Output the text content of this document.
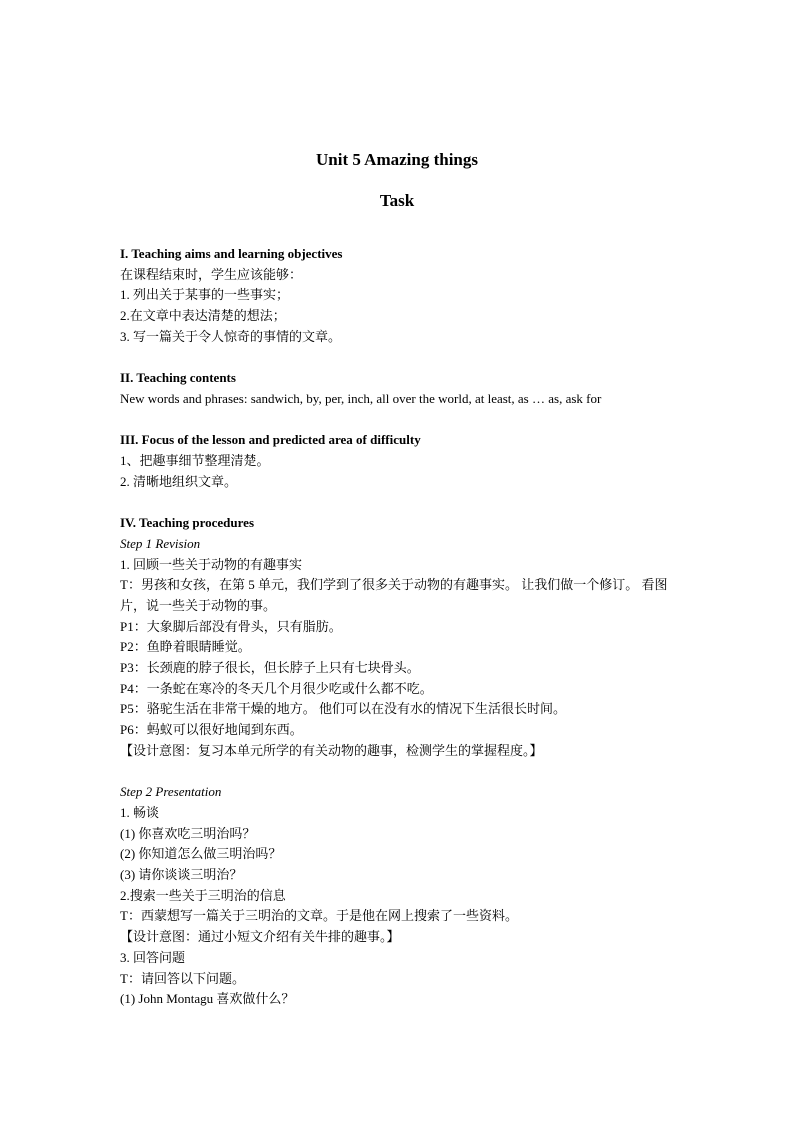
Unit 5 Amazing things
Task
I. Teaching aims and learning objectives
在课程结束时，学生应该能够：
1. 列出关于某事的一些事实；
2.在文章中表达清楚的想法；
3. 写一篇关于令人惊奇的事情的文章。
II. Teaching contents
New words and phrases: sandwich, by, per, inch, all over the world, at least, as … as, ask for
III. Focus of the lesson and predicted area of difficulty
1、把趣事细节整理清楚。
2. 清晰地组织文章。
IV. Teaching procedures
Step 1 Revision
1. 回顾一些关于动物的有趣事实
T：男孩和女孩，在第 5 单元，我们学到了很多关于动物的有趣事实。 让我们做一个修订。 看图片，说一些关于动物的事。
P1：大象脚后部没有骨头，只有脂肪。
P2：鱼睁着眼睛睡觉。
P3：长颈鹿的脖子很长，但长脖子上只有七块骨头。
P4：一条蛇在寒冷的冬天几个月很少吃或什么都不吃。
P5：骆驼生活在非常干燥的地方。 他们可以在没有水的情况下生活很长时间。
P6：蚂蚁可以很好地闻到东西。
【设计意图：复习本单元所学的有关动物的趣事，检测学生的掌握程度。】
Step 2 Presentation
1. 畅谈
(1) 你喜欢吃三明治吗？
(2) 你知道怎么做三明治吗？
(3) 请你谈谈三明治？
2.搜索一些关于三明治的信息
T：西蒙想写一篇关于三明治的文章。于是他在网上搜索了一些资料。
【设计意图：通过小短文介绍有关牛排的趣事。】
3. 回答问题
T：请回答以下问题。
(1) John Montagu 喜欢做什么？
